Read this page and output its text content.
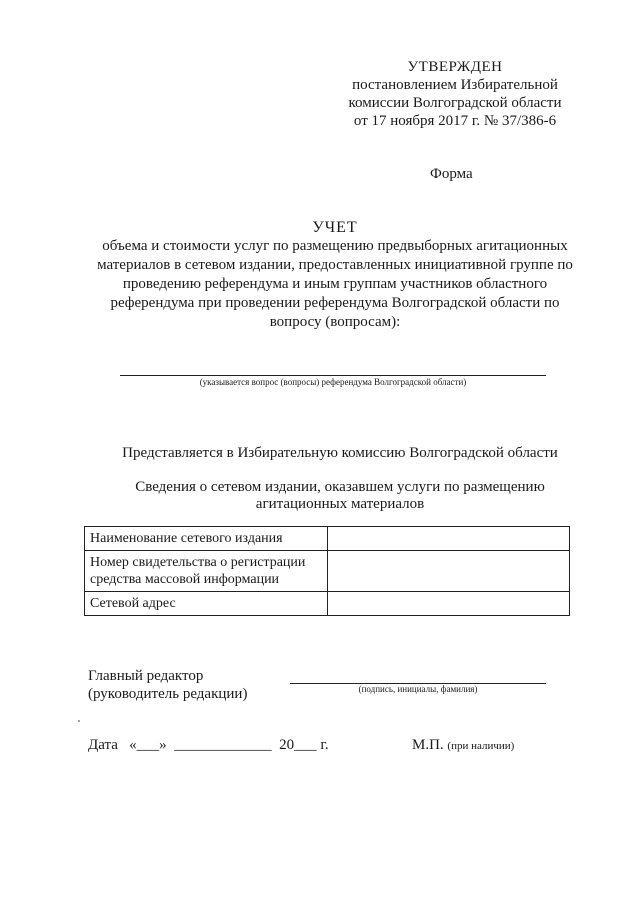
УТВЕРЖДЕН
постановлением Избирательной
комиссии Волгоградской области
от 17 ноября 2017 г. № 37/386-6
Форма
УЧЕТ
объема и стоимости услуг по размещению предвыборных агитационных
материалов в сетевом издании, предоставленных инициативной группе по
проведению референдума и иным группам участников областного
референдума при проведении референдума Волгоградской области по
вопросу (вопросам):
(указывается вопрос (вопросы) референдума Волгоградской области)
Представляется в Избирательную комиссию Волгоградской области
Сведения о сетевом издании, оказавшем услуги по размещению
агитационных материалов
Наименование сетевого издания	
Номер свидетельства о регистрации средства массовой информации	
Сетевой адрес	
Главный редактор
(руководитель редакции)	(подпись, инициалы, фамилия)
Дата   «___»  _____________  20___ г.	М.П. (при наличии)
